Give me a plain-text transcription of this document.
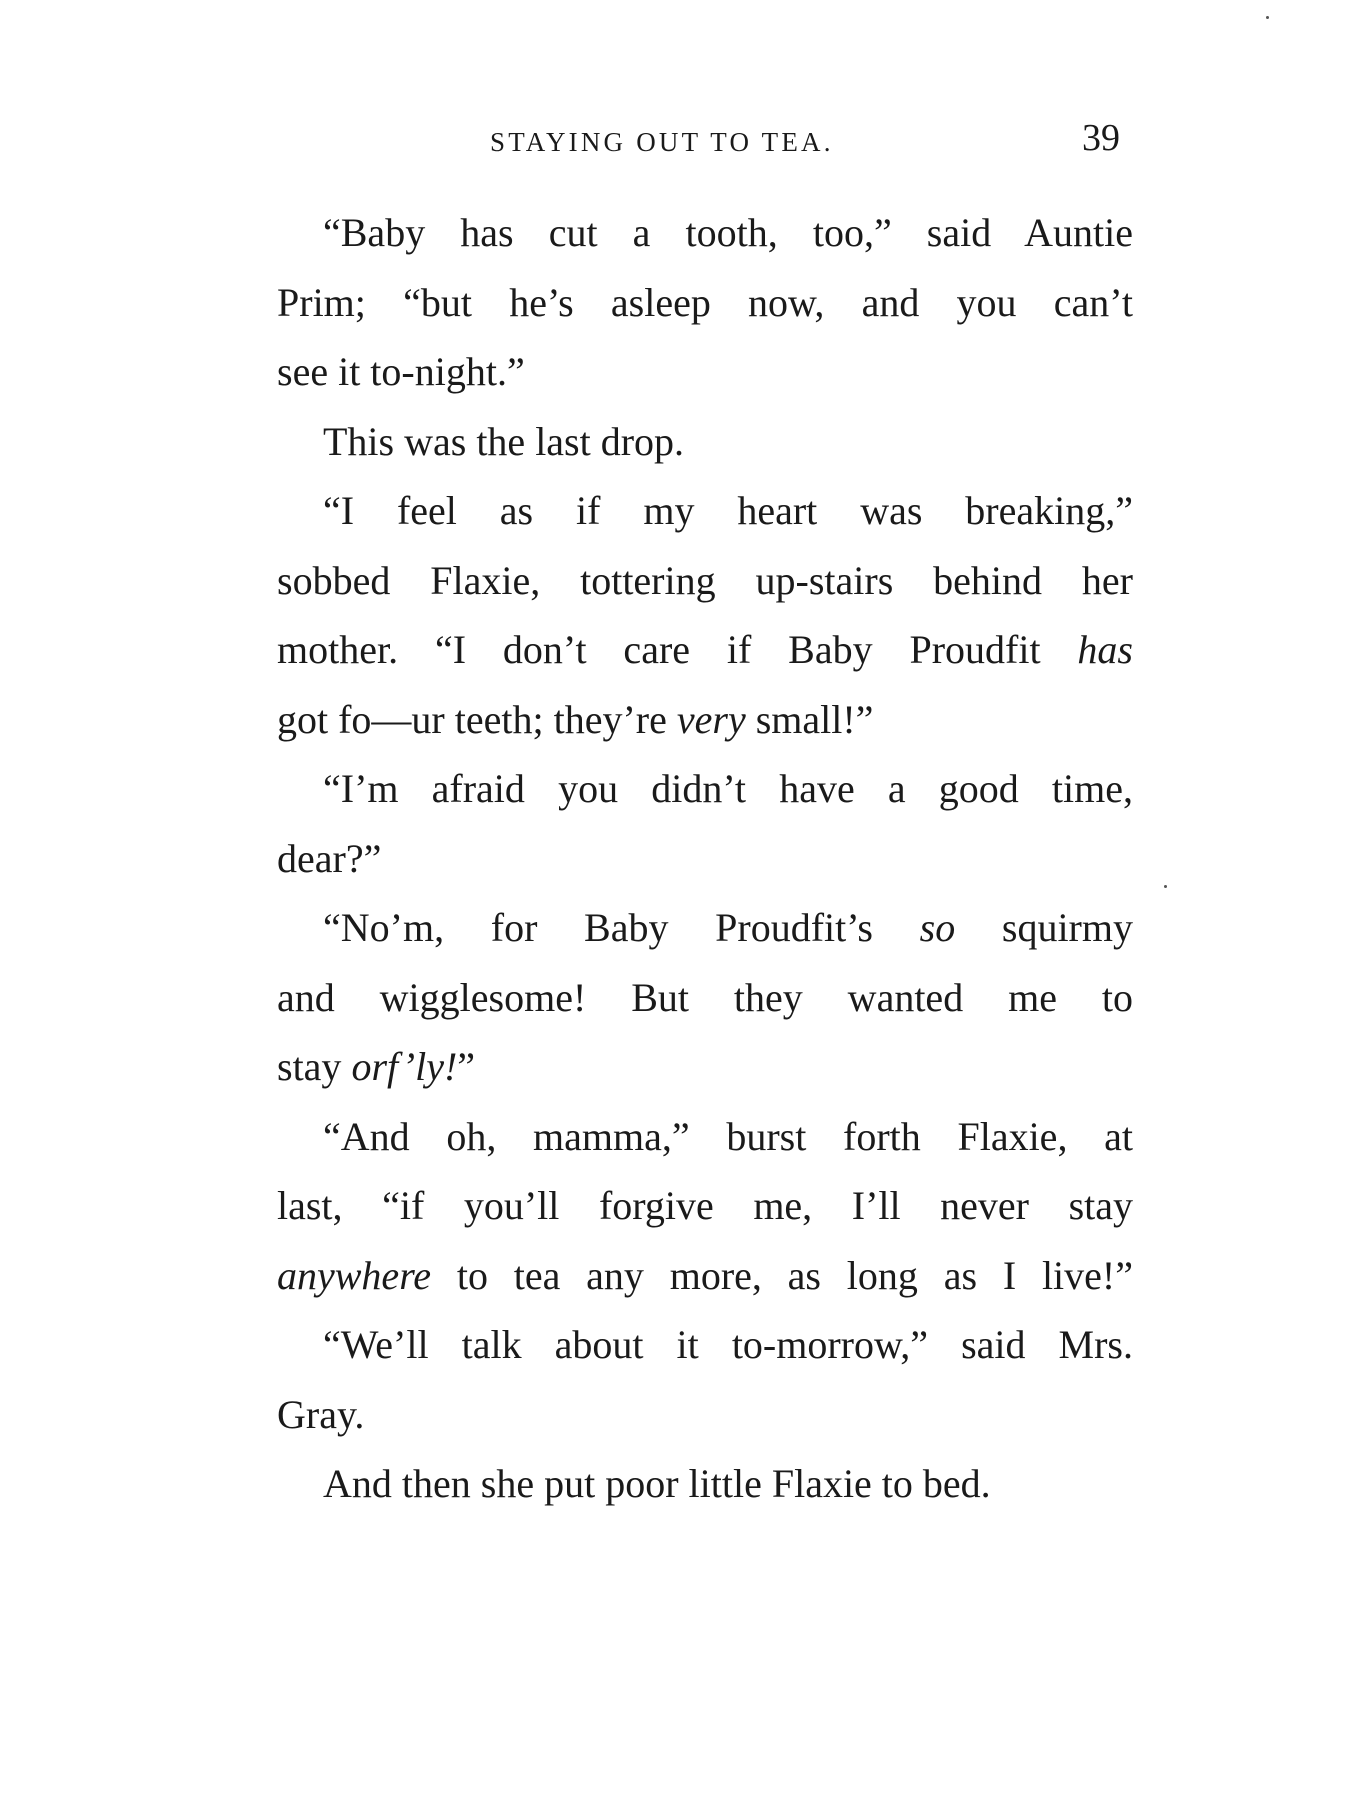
STAYING OUT TO TEA.	39
“Baby has cut a tooth, too,” said Auntie
Prim; “but he’s asleep now, and you can’t
see it to-night.”
This was the last drop.
“I feel as if my heart was breaking,”
sobbed Flaxie, tottering up-stairs behind her
mother. “I don’t care if Baby Proudfit has
got fo—ur teeth; they’re very small!”
“I’m afraid you didn’t have a good time,
dear?”
“No’m, for Baby Proudfit’s so squirmy
and wigglesome! But they wanted me to
stay orf’ly!”
“And oh, mamma,” burst forth Flaxie, at
last, “if you’ll forgive me, I’ll never stay
anywhere to tea any more, as long as I live!”
“We’ll talk about it to-morrow,” said Mrs.
Gray.
And then she put poor little Flaxie to bed.
